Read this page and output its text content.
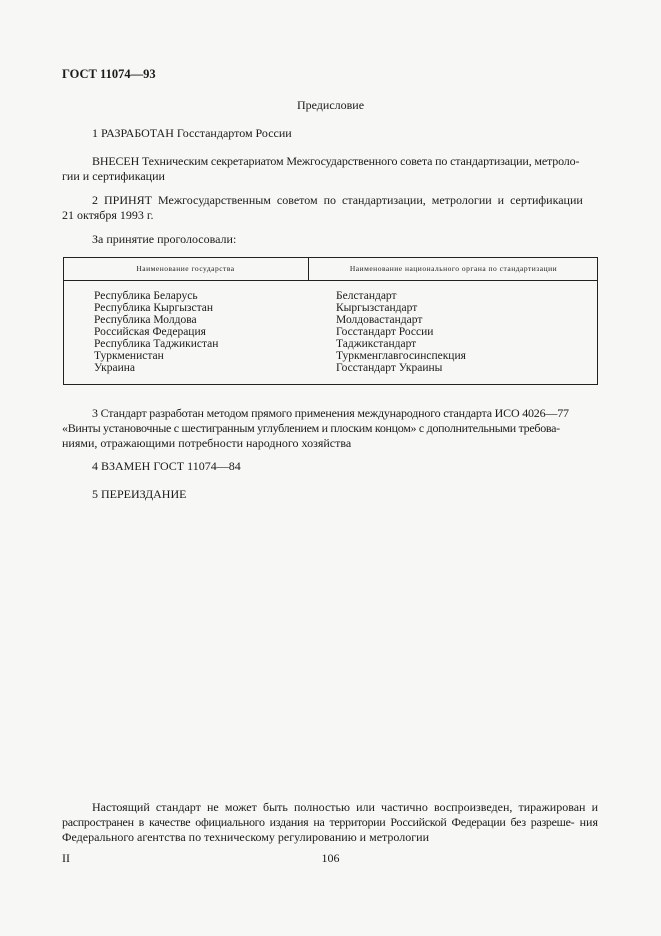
ГОСТ 11074—93
Предисловие
1 РАЗРАБОТАН Госстандартом России
ВНЕСЕН Техническим секретариатом Межгосударственного совета по стандартизации, метроло-
гии и сертификации
2 ПРИНЯТ Межгосударственным советом по стандартизации, метрологии и сертификации
21 октября 1993 г.
За принятие проголосовали:
Наименование государства	Наименование национального органа по стандартизации
Республика Беларусь
Республика Кыргызстан
Республика Молдова
Российская Федерация
Республика Таджикистан
Туркменистан
Украина
Белстандарт
Кыргызстандарт
Молдовастандарт
Госстандарт России
Таджикстандарт
Туркменглавгосинспекция
Госстандарт Украины
3 Стандарт разработан методом прямого применения международного стандарта ИСО 4026—77
«Винты установочные с шестигранным углублением и плоским концом» с дополнительными требова-
ниями, отражающими потребности народного хозяйства
4 ВЗАМЕН ГОСТ 11074—84
5 ПЕРЕИЗДАНИЕ
Настоящий стандарт не может быть полностью или частично воспроизведен, тиражирован и распространен в качестве официального издания на территории Российской Федерации без разреше- ния Федерального агентства по техническому регулированию и метрологии
II	106
